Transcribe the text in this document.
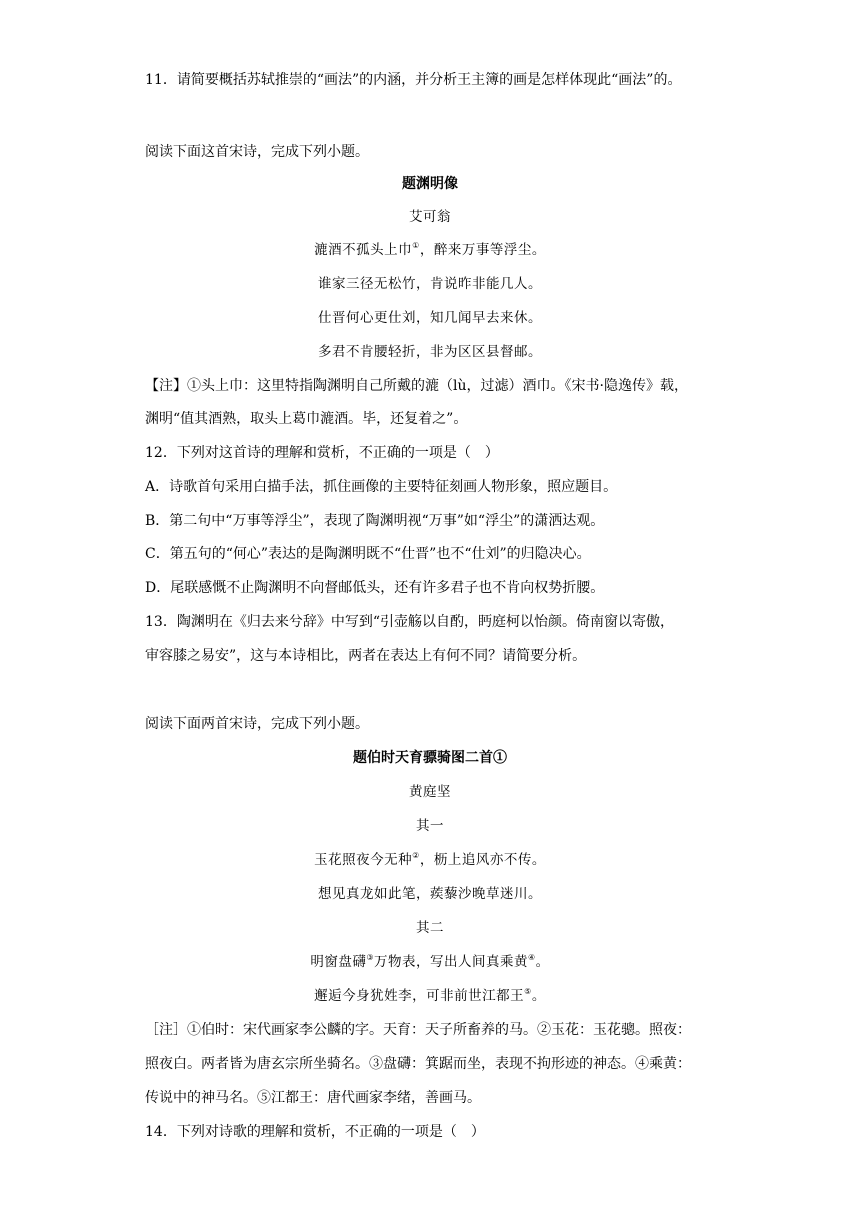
11．请简要概括苏轼推崇的“画法”的内涵，并分析王主簿的画是怎样体现此“画法”的。
阅读下面这首宋诗，完成下列小题。
题渊明像
艾可翁
漉酒不孤头上巾①，醉来万事等浮尘。
谁家三径无松竹，肯说昨非能几人。
仕晋何心更仕刘，知几闻早去来休。
多君不肯腰轻折，非为区区县督邮。
【注】①头上巾：这里特指陶渊明自己所戴的漉（lù，过滤）酒巾。《宋书·隐逸传》载，
渊明“值其酒熟，取头上葛巾漉酒。毕，还复着之”。
12．下列对这首诗的理解和赏析，不正确的一项是（　）
A．诗歌首句采用白描手法，抓住画像的主要特征刻画人物形象，照应题目。
B．第二句中“万事等浮尘”，表现了陶渊明视“万事”如“浮尘”的潇洒达观。
C．第五句的“何心”表达的是陶渊明既不“仕晋”也不“仕刘”的归隐决心。
D．尾联感慨不止陶渊明不向督邮低头，还有许多君子也不肯向权势折腰。
13．陶渊明在《归去来兮辞》中写到“引壶觞以自酌，眄庭柯以怡颜。倚南窗以寄傲，
审容膝之易安”，这与本诗相比，两者在表达上有何不同？请简要分析。
阅读下面两首宋诗，完成下列小题。
题伯时天育骠骑图二首①
黄庭坚
其一
玉花照夜今无种②，枥上追风亦不传。
想见真龙如此笔，蒺藜沙晚草迷川。
其二
明窗盘礴③万物表，写出人间真乘黄④。
邂逅今身犹姓李，可非前世江都王⑤。
［注］①伯时：宋代画家李公麟的字。天育：天子所畜养的马。②玉花：玉花骢。照夜：
照夜白。两者皆为唐玄宗所坐骑名。③盘礴：箕踞而坐，表现不拘形迹的神态。④乘黄：
传说中的神马名。⑤江都王：唐代画家李绪，善画马。
14．下列对诗歌的理解和赏析，不正确的一项是（　）
